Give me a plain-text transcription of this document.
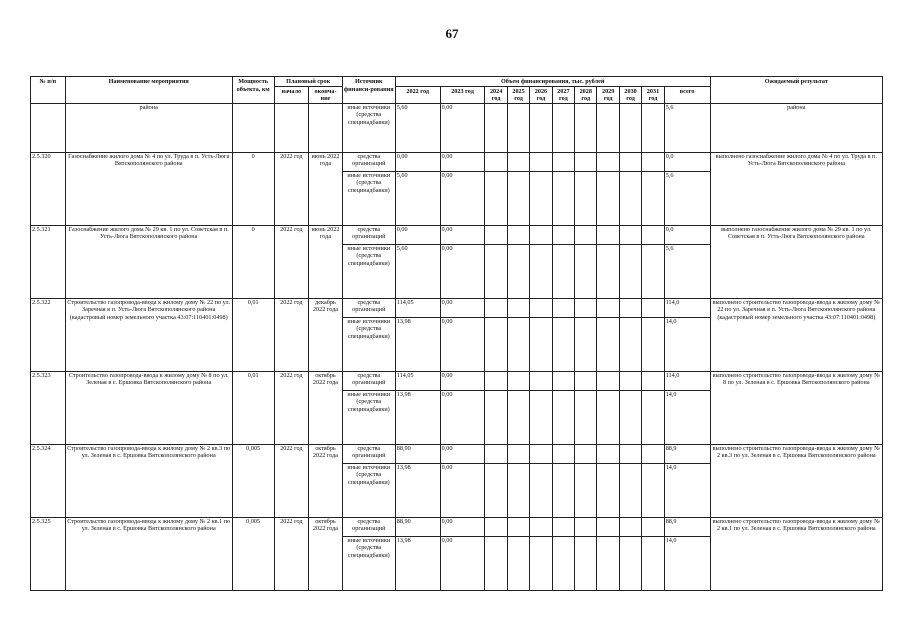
67
№ п/п	Наименование мероприятия	Мощность объекта, км	Плановый срок		Источник финанси-рования	Объем финансирования, тыс. рублей											Ожидаемый результат
			начало	оконча-ние		2022 год	2023 год	2024 год	2025 год	2026 год	2027 год	2028 год	2029 год	2030 год	2031 год	всего	

	района				иные источники (средства специнадбавки)	5,60	0,00									5,6	района
2.5.320	Газоснабжение жилого дома № 4 по ул. Труда в п. Усть-Люга Вятскополянского района	0	2022 год	июнь 2022 года	средства организаций	0,00	0,00									0,0	выполнено газоснабжение жилого дома № 4 по ул. Труда в п. Усть-Люга Вятскополянского района
					иные источники (средства специнадбавки)	5,60	0,00									5,6	
2.5.321	Газоснабжение жилого дома № 29 кв. 1 по ул. Советская в п. Усть-Люга Вятскополянского района	0	2022 год	июнь 2022 года	средства организаций	0,00	0,00									0,0	выполнено газоснабжение жилого дома № 29 кв. 1 по ул. Советская в п. Усть-Люга Вятскополянского района
					иные источники (средства специнадбавки)	5,60	0,00									5,6	
2.5.322	Строительство газопровода-ввода к жилому дому № 22 по ул. Заречная в п. Усть-Люга Вятскополянского района (кадастровый номер земельного участка 43:07:110401:0498)	0,01	2022 год	декабрь 2022 года	средства организаций	114,05	0,00									114,0	выполнено строительство газопровода-ввода к жилому дому № 22 по ул. Заречная в п. Усть-Люга Вятскополянского района (кадастровый номер земельного участка 43:07:110401:0498)
					иные источники (средства специнадбавки)	13,98	0,00									14,0	
2.5.323	Строительство газопровода-ввода к жилому дому № 8 по ул. Зеленая в с. Ершовка Вятскополянского района	0,01	2022 год	октябрь 2022 года	средства организаций	114,05	0,00									114,0	выполнено строительство газопровода-ввода к жилому дому № 8 по ул. Зеленая в с. Ершовка Вятскополянского района
					иные источники (средства специнадбавки)	13,98	0,00									14,0	
2.5.324	Строительство газопровода-ввода к жилому дому № 2 кв.3 по ул. Зеленая в с. Ершовка Вятскополянского района	0,005	2022 год	октябрь 2022 года	средства организаций	88,90	0,00									88,9	выполнено строительство газопровода-ввода к жилому дому № 2 кв.3 по ул. Зеленая в с. Ершовка Вятскополянского района
					иные источники (средства специнадбавки)	13,98	0,00									14,0	
2.5.325	Строительство газопровода-ввода к жилому дому № 2 кв.1 по ул. Зеленая в с. Ершовка Вятскополянского района	0,005	2022 год	октябрь 2022 года	средства организаций	88,90	0,00									88,9	выполнено строительство газопровода-ввода к жилому дому № 2 кв.1 по ул. Зеленая в с. Ершовка Вятскополянского района
					иные источники (средства специнадбавки)	13,98	0,00									14,0	
